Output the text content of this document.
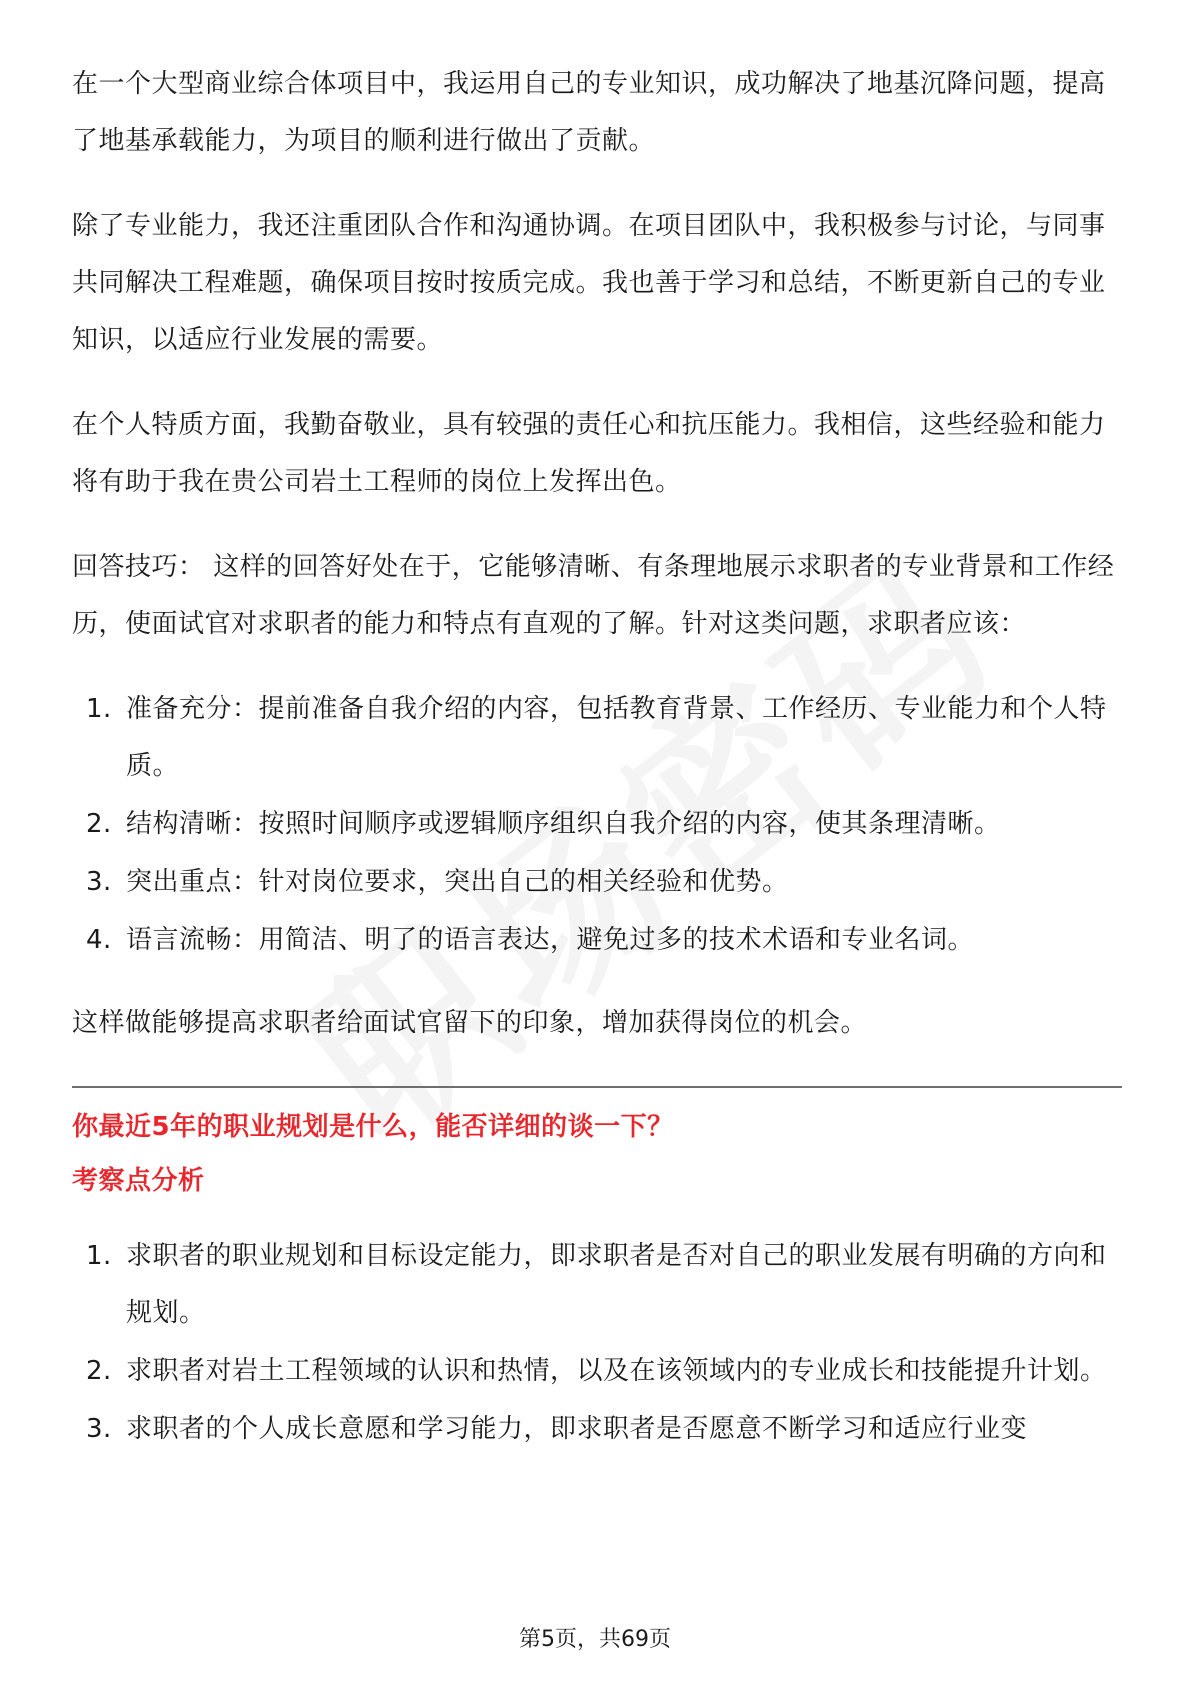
在一个大型商业综合体项目中，我运用自己的专业知识，成功解决了地基沉降问题，提高了地基承载能力，为项目的顺利进行做出了贡献。

除了专业能力，我还注重团队合作和沟通协调。在项目团队中，我积极参与讨论，与同事共同解决工程难题，确保项目按时按质完成。我也善于学习和总结，不断更新自己的专业知识，以适应行业发展的需要。

在个人特质方面，我勤奋敬业，具有较强的责任心和抗压能力。我相信，这些经验和能力将有助于我在贵公司岩土工程师的岗位上发挥出色。

回答技巧： 这样的回答好处在于，它能够清晰、有条理地展示求职者的专业背景和工作经历，使面试官对求职者的能力和特点有直观的了解。针对这类问题，求职者应该：

1. 准备充分：提前准备自我介绍的内容，包括教育背景、工作经历、专业能力和个人特质。
2. 结构清晰：按照时间顺序或逻辑顺序组织自我介绍的内容，使其条理清晰。
3. 突出重点：针对岗位要求，突出自己的相关经验和优势。
4. 语言流畅：用简洁、明了的语言表达，避免过多的技术术语和专业名词。

这样做能够提高求职者给面试官留下的印象，增加获得岗位的机会。

你最近5年的职业规划是什么，能否详细的谈一下？
考察点分析
1. 求职者的职业规划和目标设定能力，即求职者是否对自己的职业发展有明确的方向和规划。
2. 求职者对岩土工程领域的认识和热情，以及在该领域内的专业成长和技能提升计划。
3. 求职者的个人成长意愿和学习能力，即求职者是否愿意不断学习和适应行业变
第5页，共69页
